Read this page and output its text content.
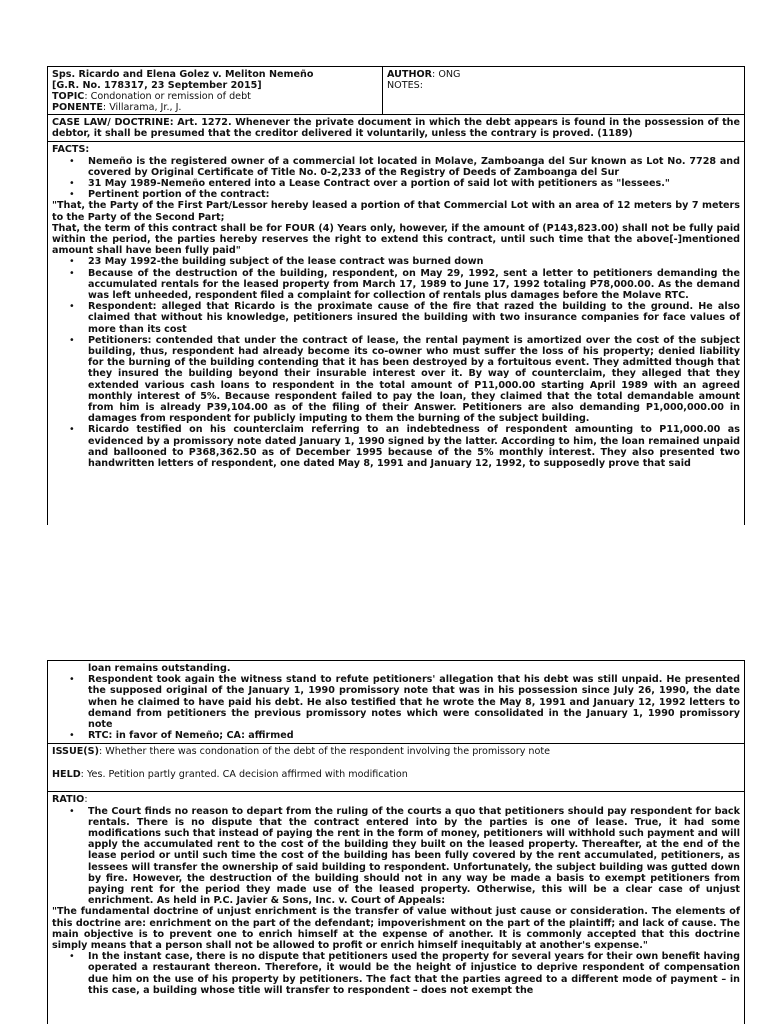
Sps. Ricardo and Elena Golez v. Meliton Nemeño
[G.R. No. 178317, 23 September 2015]
TOPIC: Condonation or remission of debt
PONENTE: Villarama, Jr., J.
AUTHOR: ONG
NOTES:
CASE LAW/ DOCTRINE: Art. 1272. Whenever the private document in which the debt appears is found in the possession of the debtor, it shall be presumed that the creditor delivered it voluntarily, unless the contrary is proved. (1189)
FACTS:
• Nemeño is the registered owner of a commercial lot located in Molave, Zamboanga del Sur known as Lot No. 7728 and covered by Original Certificate of Title No. 0-2,233 of the Registry of Deeds of Zamboanga del Sur
• 31 May 1989-Nemeño entered into a Lease Contract over a portion of said lot with petitioners as "lessees."
• Pertinent portion of the contract:
"That, the Party of the First Part/Lessor hereby leased a portion of that Commercial Lot with an area of 12 meters by 7 meters to the Party of the Second Part;
That, the term of this contract shall be for FOUR (4) Years only, however, if the amount of (P143,823.00) shall not be fully paid within the period, the parties hereby reserves the right to extend this contract, until such time that the above[-]mentioned amount shall have been fully paid"
• 23 May 1992-the building subject of the lease contract was burned down
• Because of the destruction of the building, respondent, on May 29, 1992, sent a letter to petitioners demanding the accumulated rentals for the leased property from March 17, 1989 to June 17, 1992 totaling P78,000.00. As the demand was left unheeded, respondent filed a complaint for collection of rentals plus damages before the Molave RTC.
• Respondent: alleged that Ricardo is the proximate cause of the fire that razed the building to the ground. He also claimed that without his knowledge, petitioners insured the building with two insurance companies for face values of more than its cost
• Petitioners: contended that under the contract of lease, the rental payment is amortized over the cost of the subject building, thus, respondent had already become its co-owner who must suffer the loss of his property; denied liability for the burning of the building contending that it has been destroyed by a fortuitous event. They admitted though that they insured the building beyond their insurable interest over it. By way of counterclaim, they alleged that they extended various cash loans to respondent in the total amount of P11,000.00 starting April 1989 with an agreed monthly interest of 5%. Because respondent failed to pay the loan, they claimed that the total demandable amount from him is already P39,104.00 as of the filing of their Answer. Petitioners are also demanding P1,000,000.00 in damages from respondent for publicly imputing to them the burning of the subject building.
• Ricardo testified on his counterclaim referring to an indebtedness of respondent amounting to P11,000.00 as evidenced by a promissory note dated January 1, 1990 signed by the latter. According to him, the loan remained unpaid and ballooned to P368,362.50 as of December 1995 because of the 5% monthly interest. They also presented two handwritten letters of respondent, one dated May 8, 1991 and January 12, 1992, to supposedly prove that said
loan remains outstanding.
• Respondent took again the witness stand to refute petitioners' allegation that his debt was still unpaid. He presented the supposed original of the January 1, 1990 promissory note that was in his possession since July 26, 1990, the date when he claimed to have paid his debt. He also testified that he wrote the May 8, 1991 and January 12, 1992 letters to demand from petitioners the previous promissory notes which were consolidated in the January 1, 1990 promissory note
• RTC: in favor of Nemeño; CA: affirmed
ISSUE(S): Whether there was condonation of the debt of the respondent involving the promissory note
HELD: Yes. Petition partly granted. CA decision affirmed with modification
RATIO:
• The Court finds no reason to depart from the ruling of the courts a quo that petitioners should pay respondent for back rentals. There is no dispute that the contract entered into by the parties is one of lease. True, it had some modifications such that instead of paying the rent in the form of money, petitioners will withhold such payment and will apply the accumulated rent to the cost of the building they built on the leased property. Thereafter, at the end of the lease period or until such time the cost of the building has been fully covered by the rent accumulated, petitioners, as lessees will transfer the ownership of said building to respondent. Unfortunately, the subject building was gutted down by fire. However, the destruction of the building should not in any way be made a basis to exempt petitioners from paying rent for the period they made use of the leased property. Otherwise, this will be a clear case of unjust enrichment. As held in P.C. Javier & Sons, Inc. v. Court of Appeals:
"The fundamental doctrine of unjust enrichment is the transfer of value without just cause or consideration. The elements of this doctrine are: enrichment on the part of the defendant; impoverishment on the part of the plaintiff; and lack of cause. The main objective is to prevent one to enrich himself at the expense of another. It is commonly accepted that this doctrine simply means that a person shall not be allowed to profit or enrich himself inequitably at another's expense."
• In the instant case, there is no dispute that petitioners used the property for several years for their own benefit having operated a restaurant thereon. Therefore, it would be the height of injustice to deprive respondent of compensation due him on the use of his property by petitioners. The fact that the parties agreed to a different mode of payment – in this case, a building whose title will transfer to respondent – does not exempt the
